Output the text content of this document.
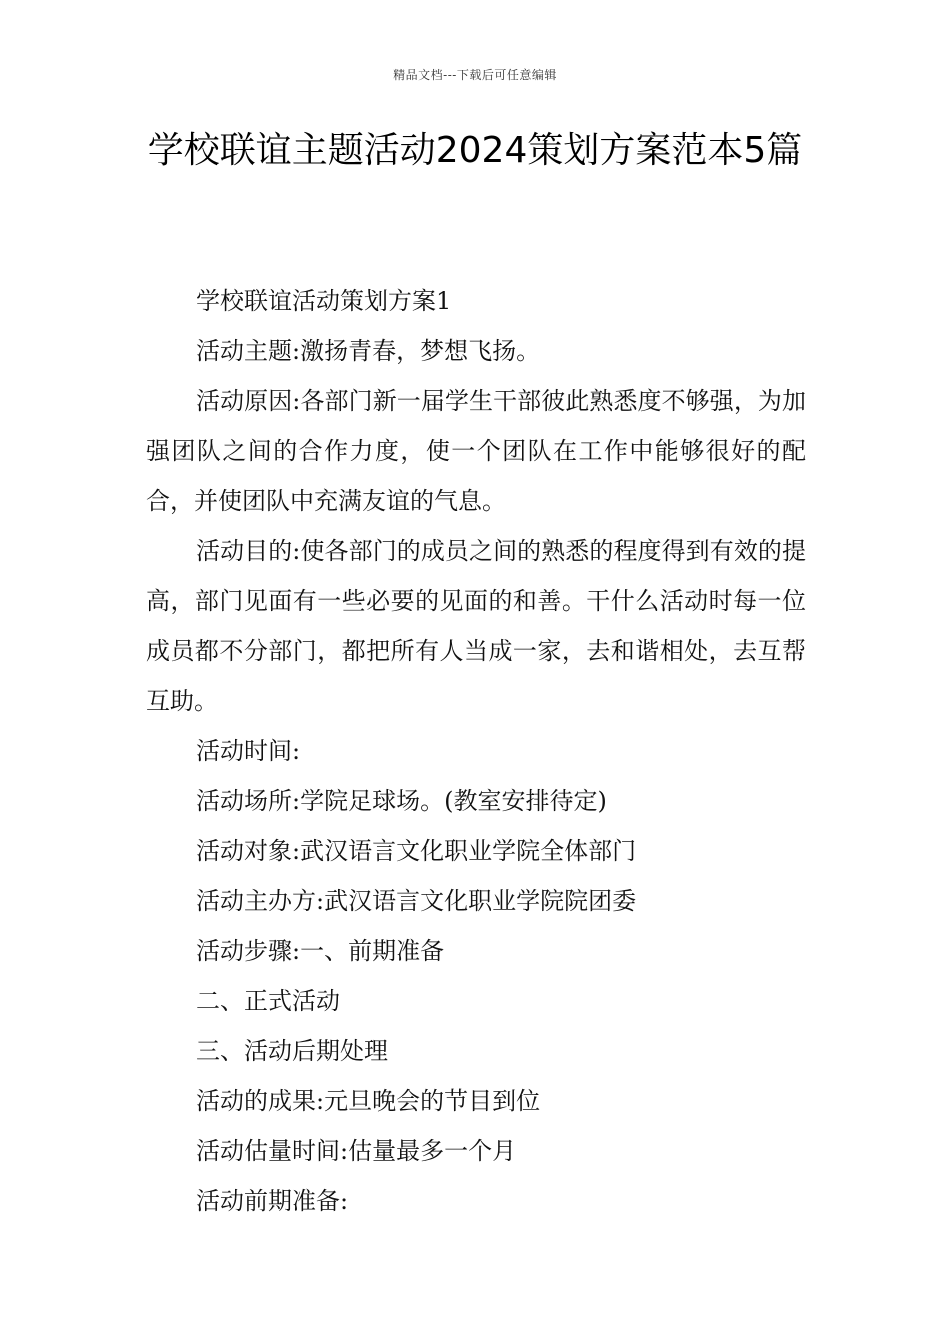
精品文档---下载后可任意编辑
学校联谊主题活动2024策划方案范本5篇

学校联谊活动策划方案1

活动主题:激扬青春，梦想飞扬。

活动原因:各部门新一届学生干部彼此熟悉度不够强，为加强团队之间的合作力度，使一个团队在工作中能够很好的配合，并使团队中充满友谊的气息。

活动目的:使各部门的成员之间的熟悉的程度得到有效的提高，部门见面有一些必要的见面的和善。干什么活动时每一位成员都不分部门，都把所有人当成一家，去和谐相处，去互帮互助。

活动时间:

活动场所:学院足球场。(教室安排待定)

活动对象:武汉语言文化职业学院全体部门

活动主办方:武汉语言文化职业学院院团委

活动步骤:一、前期准备

二、正式活动

三、活动后期处理

活动的成果:元旦晚会的节目到位

活动估量时间:估量最多一个月

活动前期准备:
